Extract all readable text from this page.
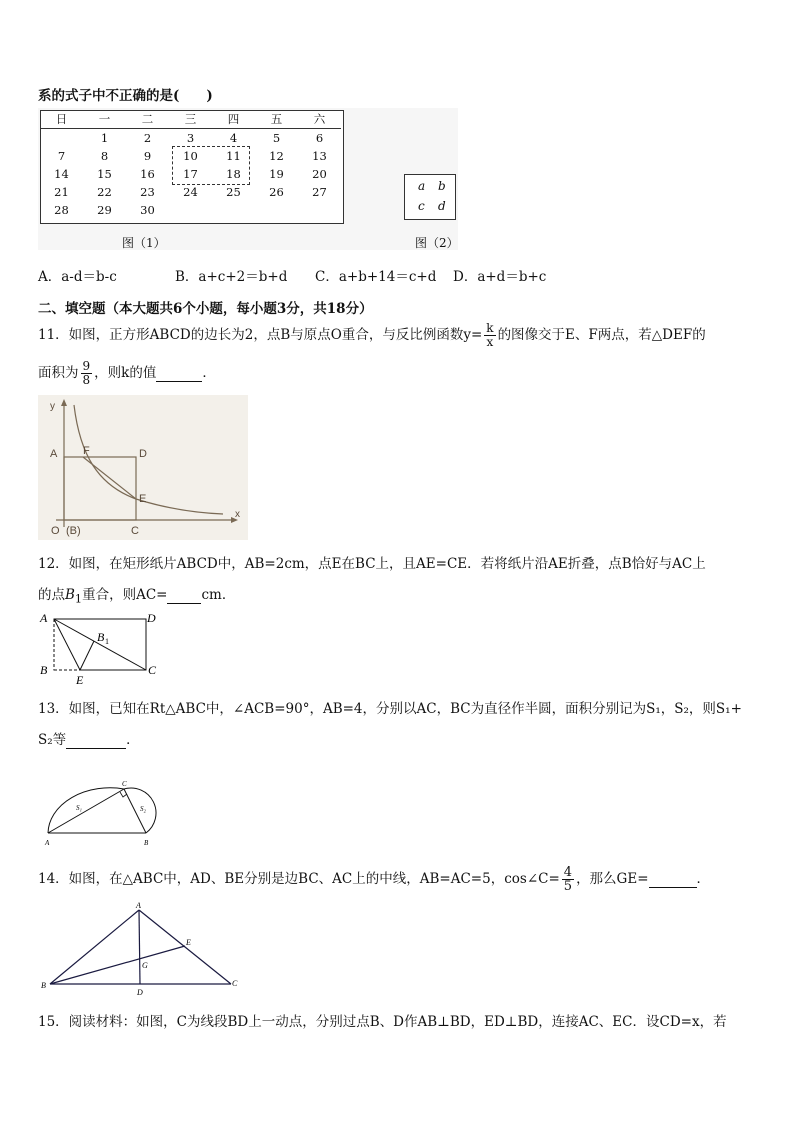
系的式子中不正确的是(　　)
日	一	二	三	四	五	六
	1	2	3	4	5	6
7	8	9	10	11	12	13
14	15	16	17	18	19	20
21	22	23	24	25	26	27
28	29	30				
a b
c d
图（1）	图（2）
A．a-d＝b-c	B．a+c+2＝b+d C．a+b+14＝c+d D．a+d＝b+c
二、填空题（本大题共6个小题，每小题3分，共18分）
11．如图，正方形ABCD的边长为2，点B与原点O重合，与反比例函数$y= \frac{k}{x}$ 的图像交于E、F两点，若△DEF的
面积为 $\frac{9}{8}$ ，则k的值	．
y
x
A	D
F
E
O (B)	C
12．如图，在矩形纸片ABCD中，AB=2cm，点E在BC上，且AE=CE．若将纸片沿AE折叠，点B恰好与AC上
的点$B_1$重合，则AC=	cm．
A	D
B	C
E
B 1
13．如图，已知在Rt△ABC中，∠ACB=90°，AB=4，分别以AC，BC为直径作半圆，面积分别记为S₁，S₂，则S₁+
S₂等	．
A	B
C
S₁	S₂
14．如图，在△ABC中，AD、BE分别是边BC、AC上的中线，AB=AC=5，cos∠C= $\frac{4}{5}$ ，那么GE=	．
A
B	C
D
E
G
15．阅读材料：如图，C为线段BD上一动点，分别过点B、D作AB⊥BD，ED⊥BD，连接AC、EC．设CD=x，若
